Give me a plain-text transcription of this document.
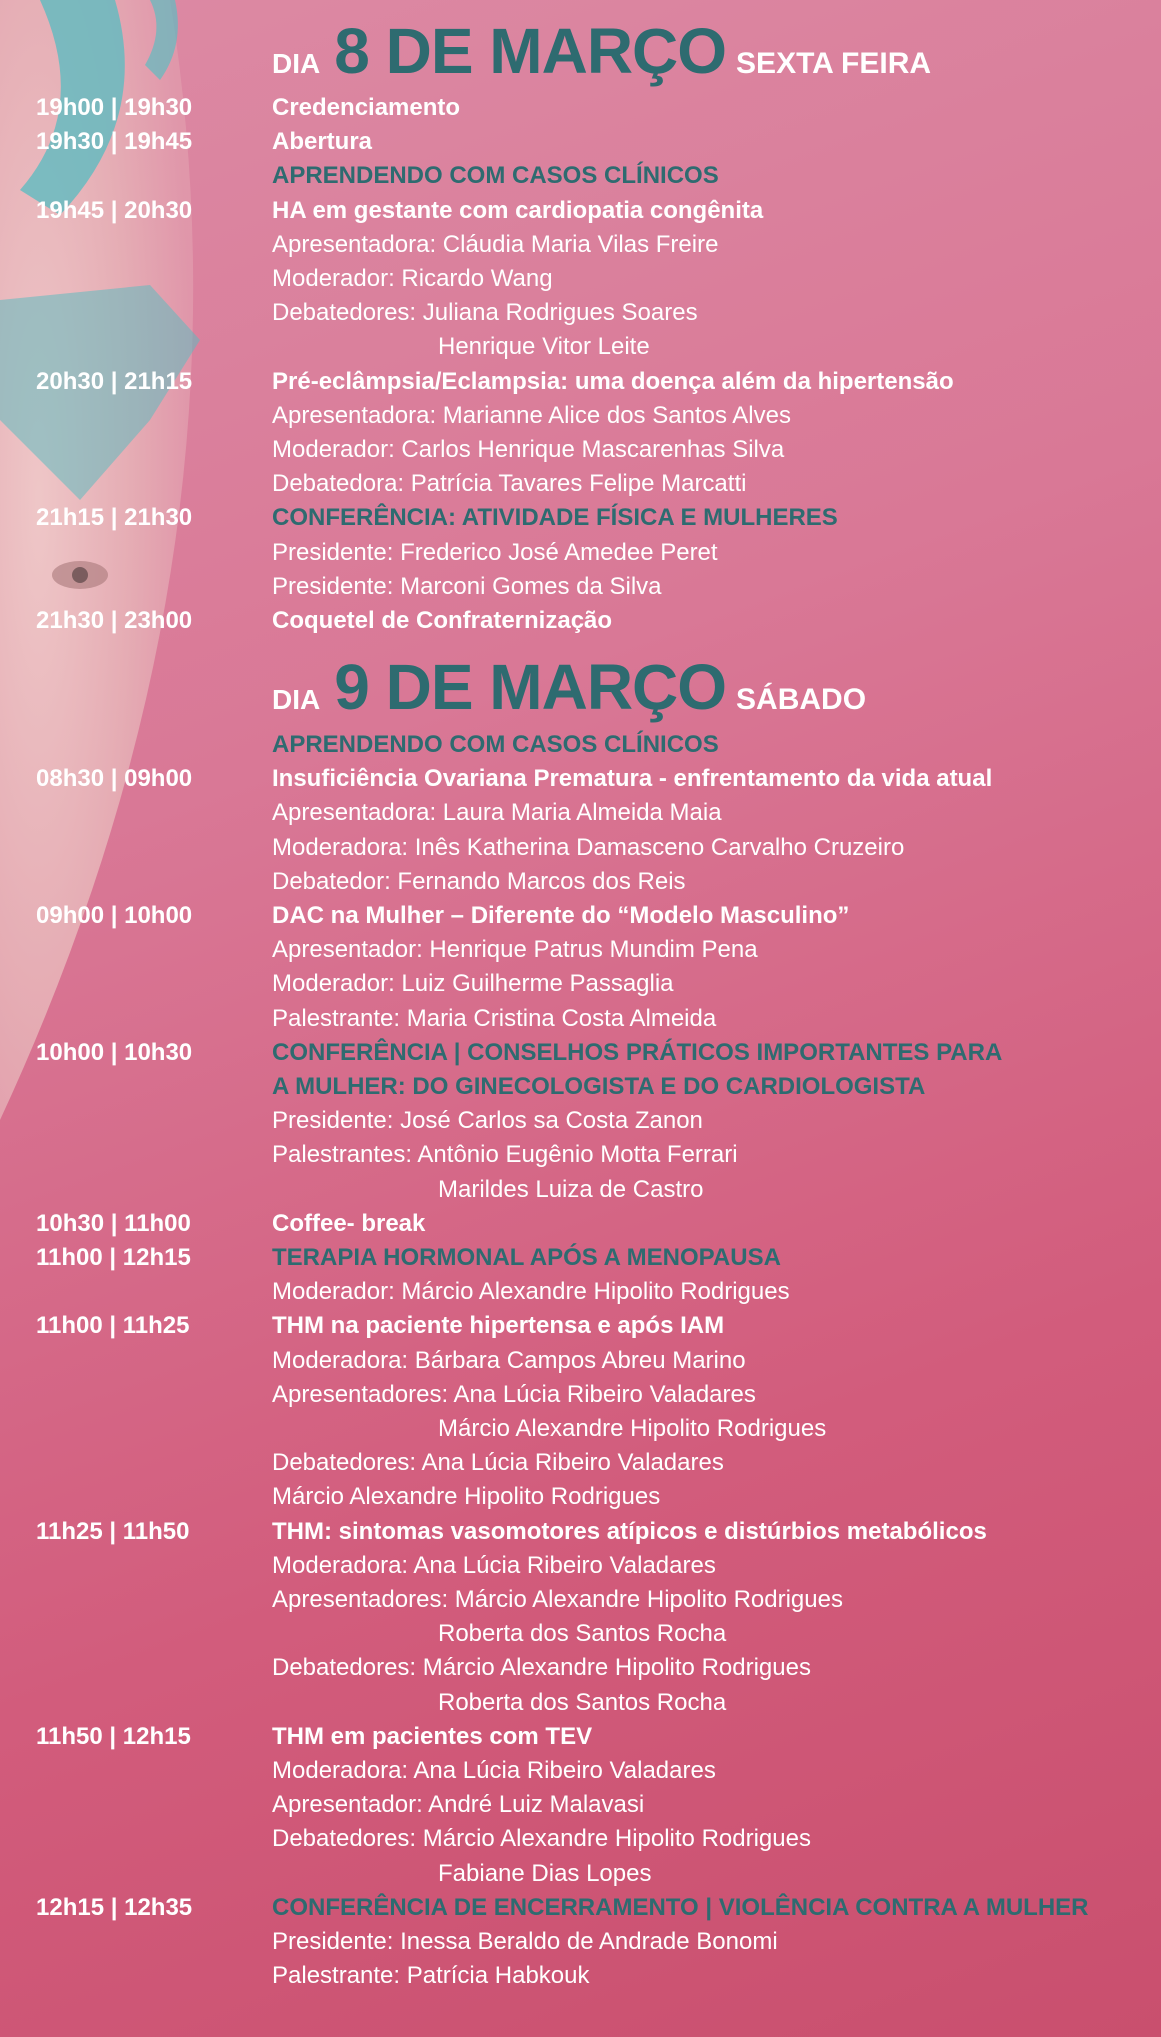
DIA 8 DE MARÇO SEXTA FEIRA
DIA 9 DE MARÇO SÁBADO
19h00 | 19h30	Credenciamento
19h30 | 19h45	Abertura
APRENDENDO COM CASOS CLÍNICOS
19h45 | 20h30	HA em gestante com cardiopatia congênita
Apresentadora: Cláudia Maria Vilas Freire
Moderador: Ricardo Wang
Debatedores: Juliana Rodrigues Soares
Henrique Vitor Leite
20h30 | 21h15	Pré-eclâmpsia/Eclampsia: uma doença além da hipertensão
Apresentadora: Marianne Alice dos Santos Alves
Moderador: Carlos Henrique Mascarenhas Silva
Debatedora: Patrícia Tavares Felipe Marcatti
21h15 | 21h30	CONFERÊNCIA: ATIVIDADE FÍSICA E MULHERES
Presidente: Frederico José Amedee Peret
Presidente: Marconi Gomes da Silva
21h30 | 23h00	Coquetel de Confraternização
APRENDENDO COM CASOS CLÍNICOS
08h30 | 09h00	Insuficiência Ovariana Prematura - enfrentamento da vida atual
Apresentadora: Laura Maria Almeida Maia
Moderadora: Inês Katherina Damasceno Carvalho Cruzeiro
Debatedor: Fernando Marcos dos Reis
09h00 | 10h00	DAC na Mulher – Diferente do “Modelo Masculino”
Apresentador: Henrique Patrus Mundim Pena
Moderador: Luiz Guilherme Passaglia
Palestrante: Maria Cristina Costa Almeida
10h00 | 10h30	CONFERÊNCIA | CONSELHOS PRÁTICOS IMPORTANTES PARA
A MULHER: DO GINECOLOGISTA E DO CARDIOLOGISTA
Presidente: José Carlos sa Costa Zanon
Palestrantes: Antônio Eugênio Motta Ferrari
Marildes Luiza de Castro
10h30 | 11h00	Coffee- break
11h00 | 12h15	TERAPIA HORMONAL APÓS A MENOPAUSA
Moderador: Márcio Alexandre Hipolito Rodrigues
11h00 | 11h25	THM na paciente hipertensa e após IAM
Moderadora: Bárbara Campos Abreu Marino
Apresentadores: Ana Lúcia Ribeiro Valadares
Márcio Alexandre Hipolito Rodrigues
Debatedores: Ana Lúcia Ribeiro Valadares
Márcio Alexandre Hipolito Rodrigues
11h25 | 11h50	THM: sintomas vasomotores atípicos e distúrbios metabólicos
Moderadora: Ana Lúcia Ribeiro Valadares
Apresentadores: Márcio Alexandre Hipolito Rodrigues
Roberta dos Santos Rocha
Debatedores: Márcio Alexandre Hipolito Rodrigues
Roberta dos Santos Rocha
11h50 | 12h15	THM em pacientes com TEV
Moderadora: Ana Lúcia Ribeiro Valadares
Apresentador: André Luiz Malavasi
Debatedores: Márcio Alexandre Hipolito Rodrigues
Fabiane Dias Lopes
12h15 | 12h35	CONFERÊNCIA DE ENCERRAMENTO | VIOLÊNCIA CONTRA A MULHER
Presidente: Inessa Beraldo de Andrade Bonomi
Palestrante: Patrícia Habkouk
